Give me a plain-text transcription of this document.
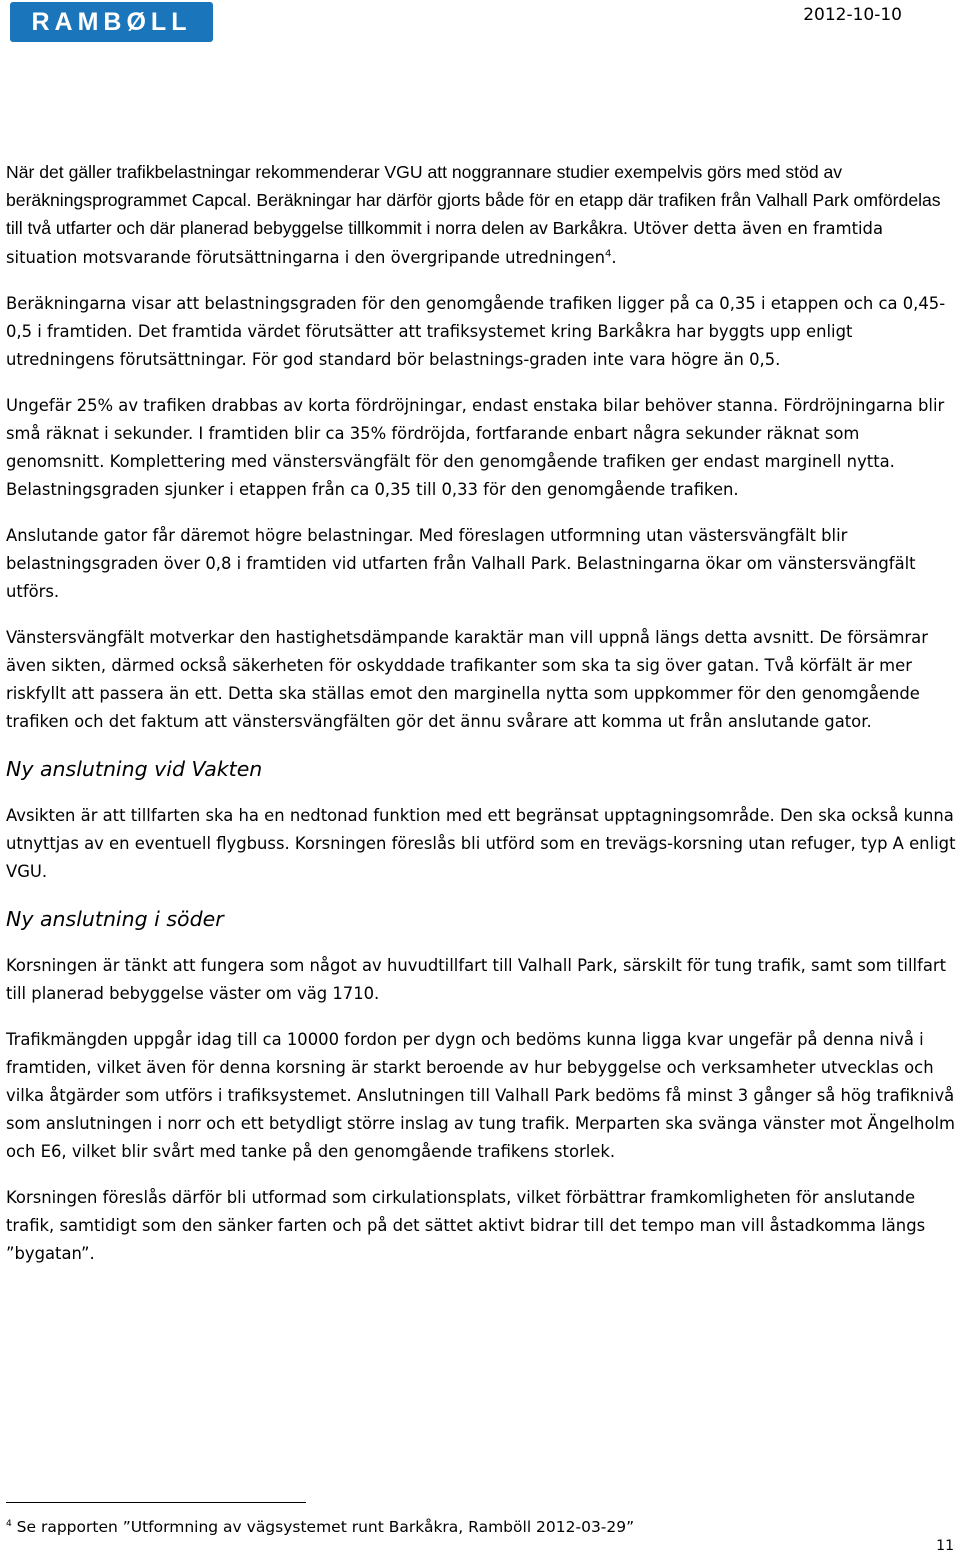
RAMBØLL	2012-10-10

När det gäller trafikbelastningar rekommenderar VGU att noggrannare studier exempelvis görs med stöd av beräkningsprogrammet Capcal. Beräkningar har därför gjorts både för en etapp där trafiken från Valhall Park omfördelas till två utfarter och där planerad bebyggelse tillkommit i norra delen av Barkåkra. Utöver detta även en framtida situation motsvarande förutsättningarna i den övergripande utredningen$^4$.

Beräkningarna visar att belastningsgraden för den genomgående trafiken ligger på ca 0,35 i etappen och ca 0,45-0,5 i framtiden. Det framtida värdet förutsätter att trafiksystemet kring Barkåkra har byggts upp enligt utredningens förutsättningar. För god standard bör belastnings-graden inte vara högre än 0,5.

Ungefär 25% av trafiken drabbas av korta fördröjningar, endast enstaka bilar behöver stanna. Fördröjningarna blir små räknat i sekunder. I framtiden blir ca 35% fördröjda, fortfarande enbart några sekunder räknat som genomsnitt. Komplettering med vänstersvängfält för den genomgående trafiken ger endast marginell nytta. Belastningsgraden sjunker i etappen från ca 0,35 till 0,33 för den genomgående trafiken.

Anslutande gator får däremot högre belastningar. Med föreslagen utformning utan västersvängfält blir belastningsgraden över 0,8 i framtiden vid utfarten från Valhall Park. Belastningarna ökar om vänstersvängfält utförs.

Vänstersvängfält motverkar den hastighetsdämpande karaktär man vill uppnå längs detta avsnitt. De försämrar även sikten, därmed också säkerheten för oskyddade trafikanter som ska ta sig över gatan. Två körfält är mer riskfyllt att passera än ett. Detta ska ställas emot den marginella nytta som uppkommer för den genomgående trafiken och det faktum att vänstersvängfälten gör det ännu svårare att komma ut från anslutande gator.

Ny anslutning vid Vakten

Avsikten är att tillfarten ska ha en nedtonad funktion med ett begränsat upptagningsområde. Den ska också kunna utnyttjas av en eventuell flygbuss. Korsningen föreslås bli utförd som en trevägs-korsning utan refuger, typ A enligt VGU.

Ny anslutning i söder

Korsningen är tänkt att fungera som något av huvudtillfart till Valhall Park, särskilt för tung trafik, samt som tillfart till planerad bebyggelse väster om väg 1710.

Trafikmängden uppgår idag till ca 10000 fordon per dygn och bedöms kunna ligga kvar ungefär på denna nivå i framtiden, vilket även för denna korsning är starkt beroende av hur bebyggelse och verksamheter utvecklas och vilka åtgärder som utförs i trafiksystemet. Anslutningen till Valhall Park bedöms få minst 3 gånger så hög trafiknivå som anslutningen i norr och ett betydligt större inslag av tung trafik. Merparten ska svänga vänster mot Ängelholm och E6, vilket blir svårt med tanke på den genomgående trafikens storlek.

Korsningen föreslås därför bli utformad som cirkulationsplats, vilket förbättrar framkomligheten för anslutande trafik, samtidigt som den sänker farten och på det sättet aktivt bidrar till det tempo man vill åstadkomma längs ”bygatan”.

$^4$ Se rapporten ”Utformning av vägsystemet runt Barkåkra, Ramböll 2012-03-29”
11
